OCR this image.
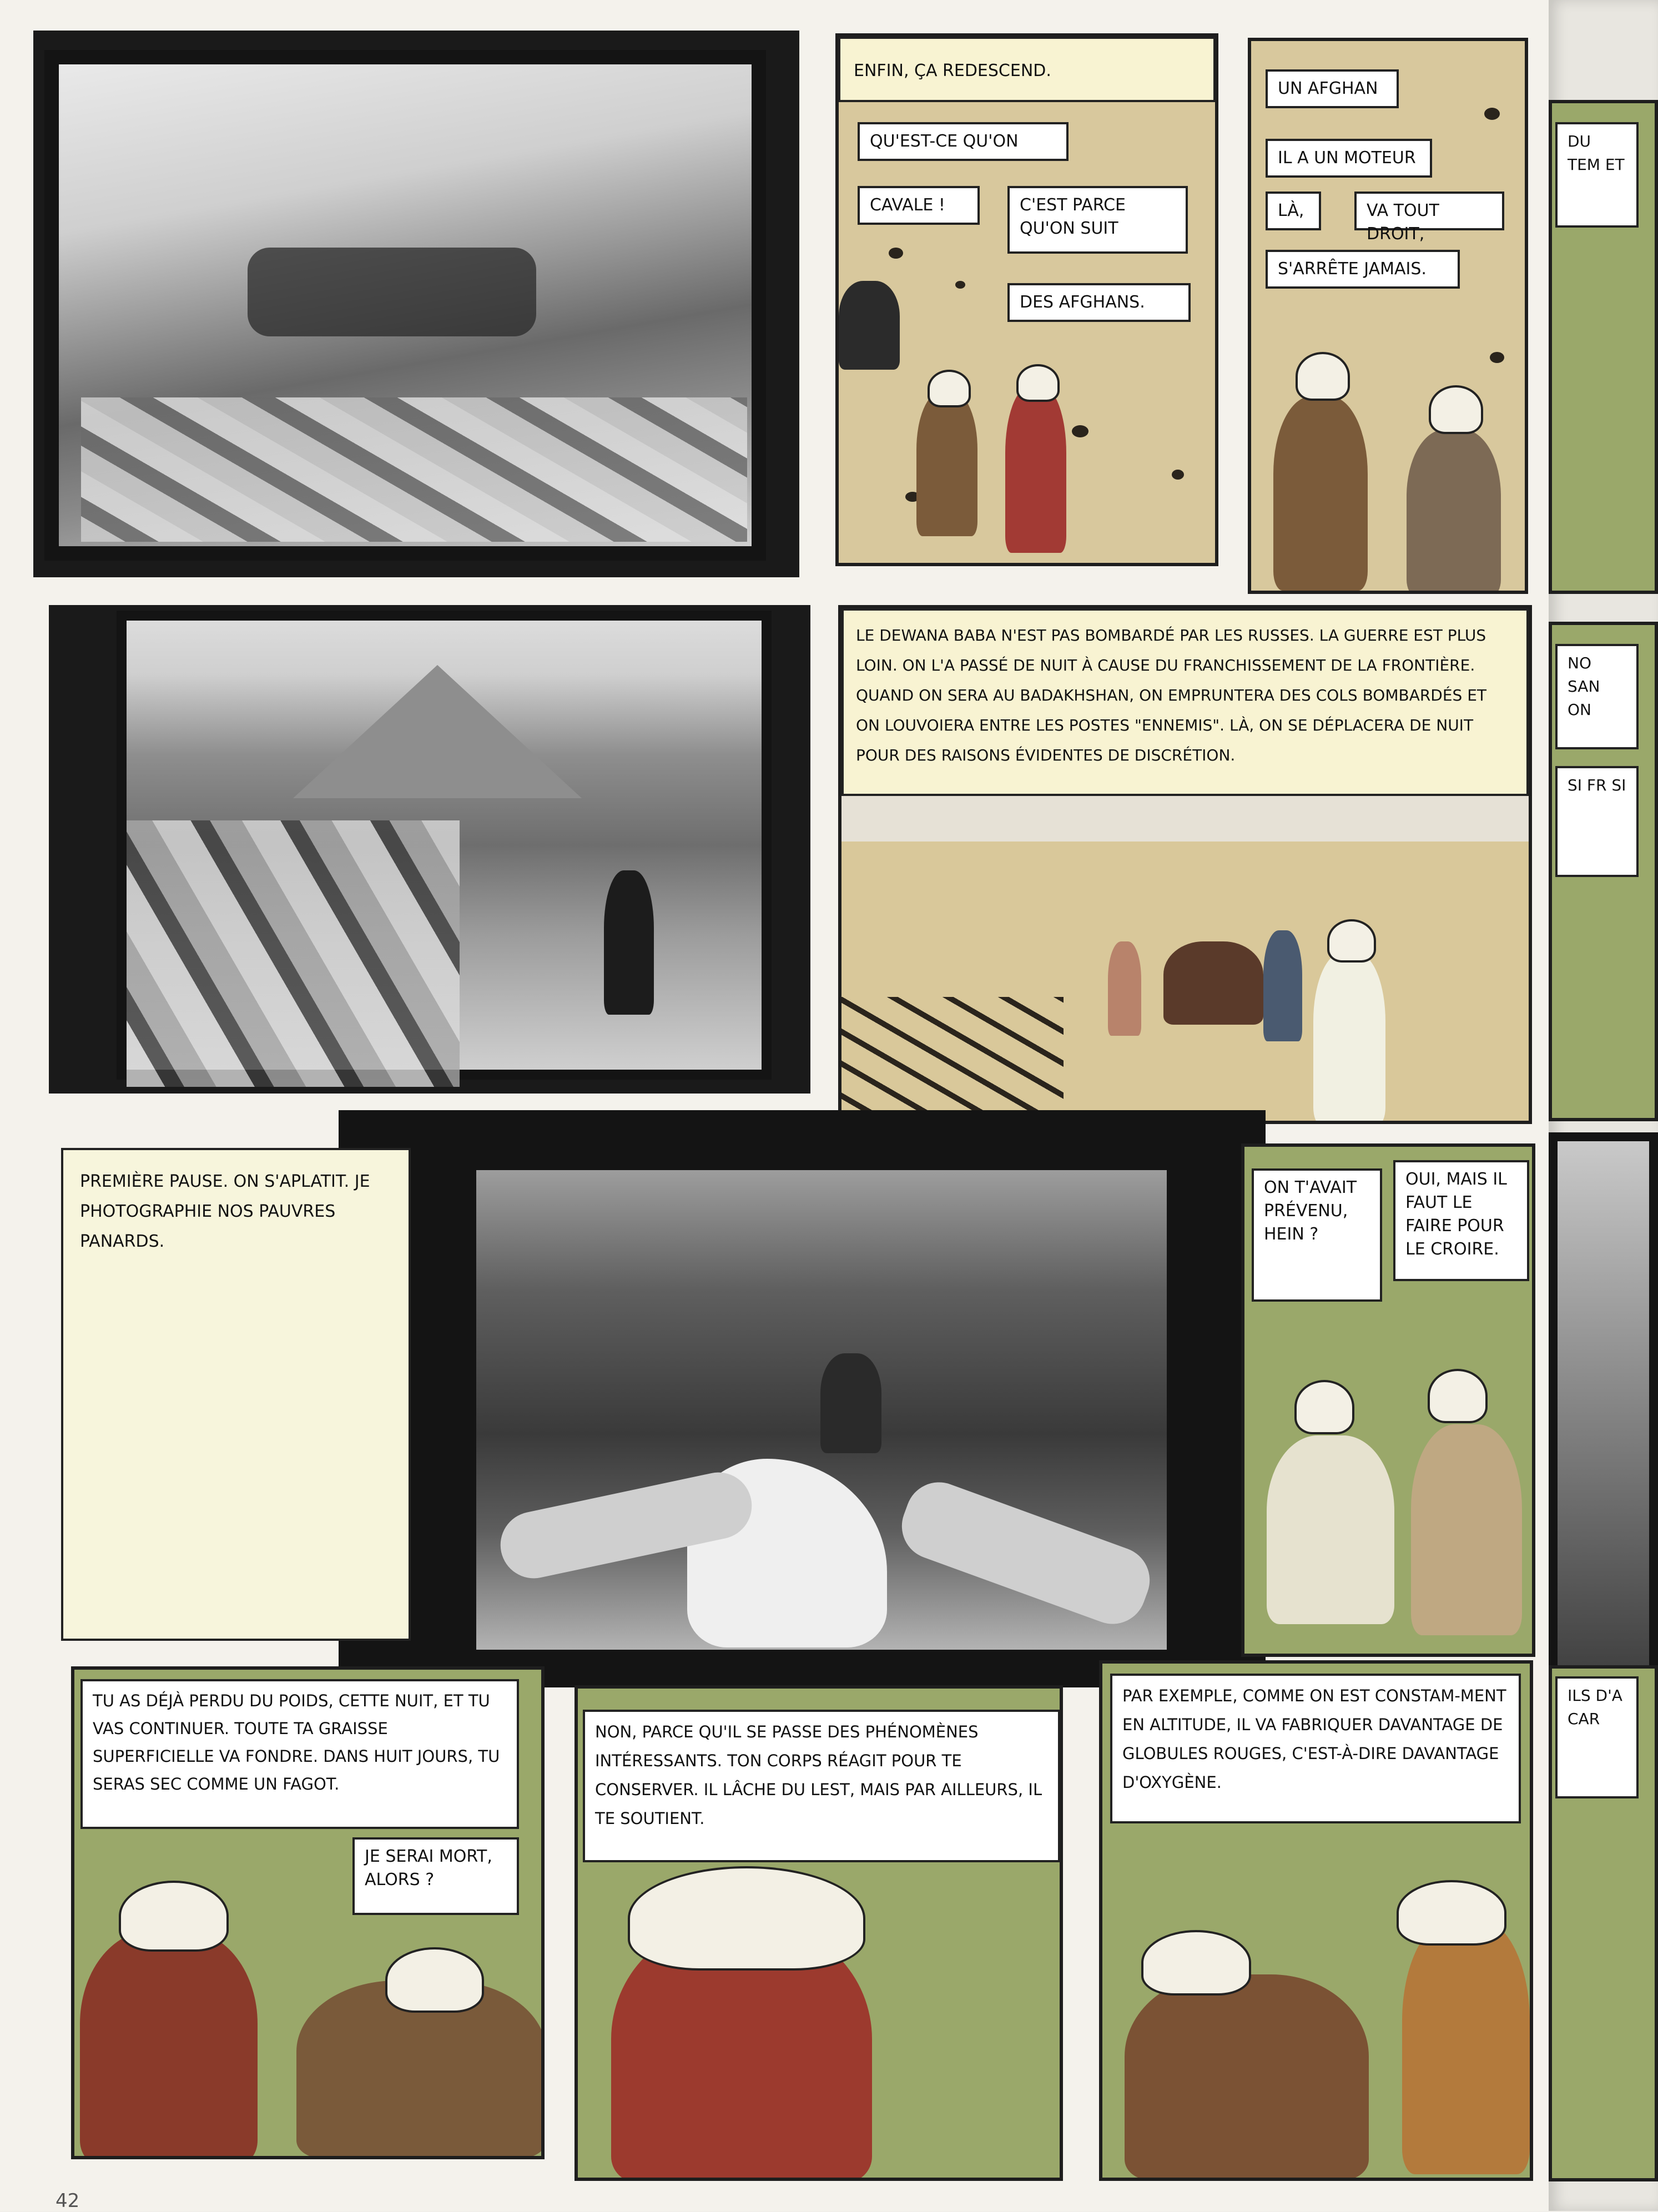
ENFIN, ÇA REDESCEND.
QU'EST-CE QU'ON
CAVALE !	C'EST PARCE QU'ON SUIT
DES AFGHANS.
UN AFGHAN
IL A UN MOTEUR
LÀ,	VA TOUT DROIT,
S'ARRÊTE JAMAIS.
LE DEWANA BABA N'EST PAS BOMBARDÉ PAR LES RUSSES. LA GUERRE EST PLUS LOIN. ON L'A PASSÉ DE NUIT À CAUSE DU FRANCHISSEMENT DE LA FRONTIÈRE. QUAND ON SERA AU BADAKHSHAN, ON EMPRUNTERA DES COLS BOMBARDÉS ET ON LOUVOIERA ENTRE LES POSTES "ENNEMIS". LÀ, ON SE DÉPLACERA DE NUIT POUR DES RAISONS ÉVIDENTES DE DISCRÉTION.
PREMIÈRE PAUSE. ON S'APLATIT. JE PHOTOGRAPHIE NOS PAUVRES PANARDS.
ON T'AVAIT PRÉVENU, HEIN ?
OUI, MAIS IL FAUT LE FAIRE POUR LE CROIRE.
TU AS DÉJÀ PERDU DU POIDS, CETTE NUIT, ET TU VAS CONTINUER. TOUTE TA GRAISSE SUPERFICIELLE VA FONDRE. DANS HUIT JOURS, TU SERAS SEC COMME UN FAGOT.
JE SERAI MORT, ALORS ?
NON, PARCE QU'IL SE PASSE DES PHÉNOMÈNES INTÉRESSANTS. TON CORPS RÉAGIT POUR TE CONSERVER. IL LÂCHE DU LEST, MAIS PAR AILLEURS, IL TE SOUTIENT.
PAR EXEMPLE, COMME ON EST CONSTAM-MENT EN ALTITUDE, IL VA FABRIQUER DAVANTAGE DE GLOBULES ROUGES, C'EST-À-DIRE DAVANTAGE D'OXYGÈNE.
42
DU TEM ET
NO SAN ON
SI FR SI
ILS D'A CAR
